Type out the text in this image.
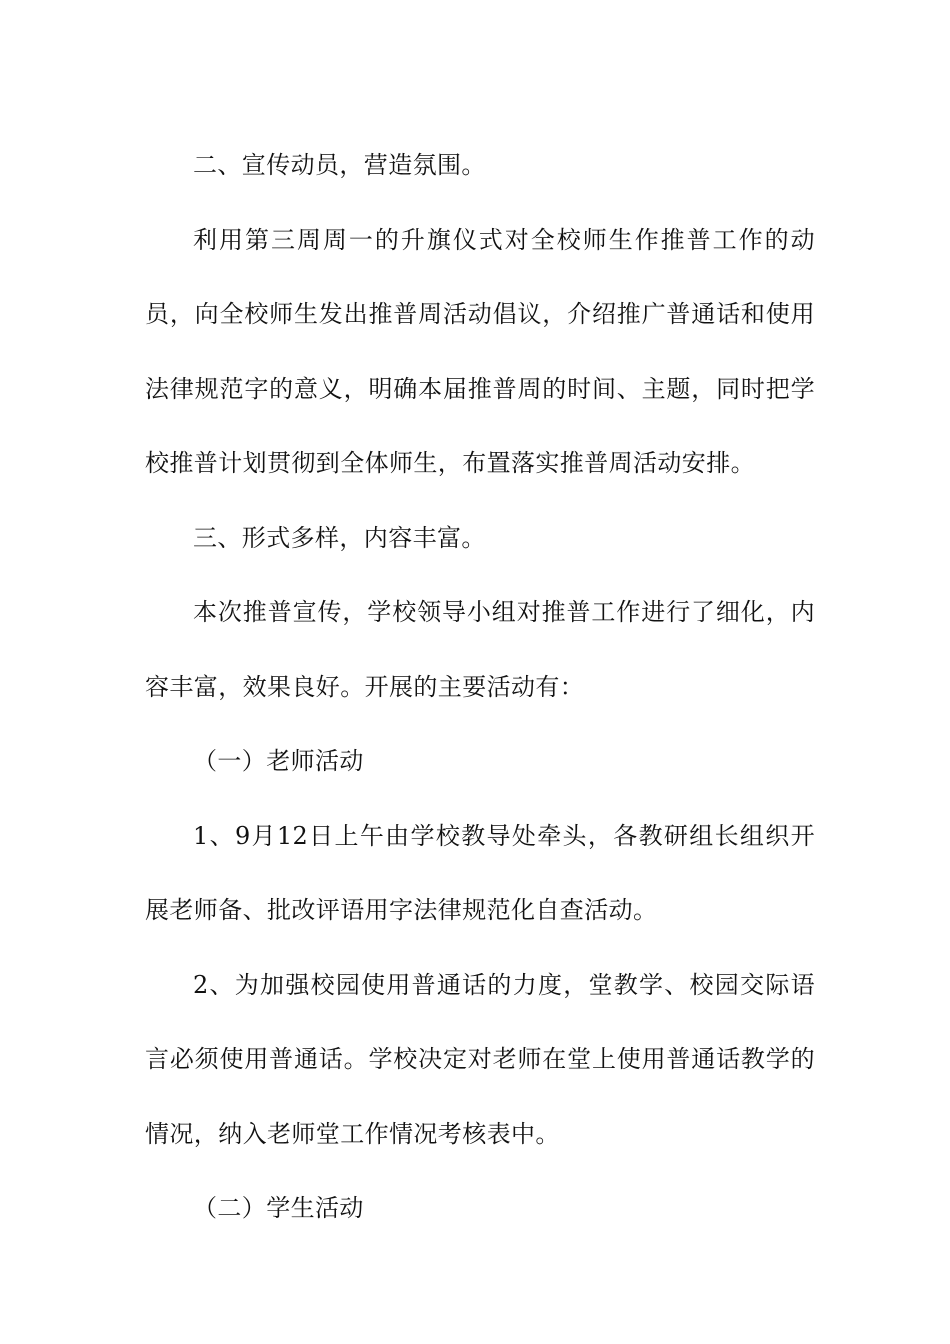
二、宣传动员，营造氛围。

利用第三周周一的升旗仪式对全校师生作推普工作的动员，向全校师生发出推普周活动倡议，介绍推广普通话和使用法律规范字的意义，明确本届推普周的时间、主题，同时把学校推普计划贯彻到全体师生，布置落实推普周活动安排。

三、形式多样，内容丰富。

本次推普宣传，学校领导小组对推普工作进行了细化，内容丰富，效果良好。开展的主要活动有：

（一）老师活动

1、9月12日上午由学校教导处牵头，各教研组长组织开展老师备、批改评语用字法律规范化自查活动。

2、为加强校园使用普通话的力度，堂教学、校园交际语言必须使用普通话。学校决定对老师在堂上使用普通话教学的情况，纳入老师堂工作情况考核表中。

（二）学生活动
